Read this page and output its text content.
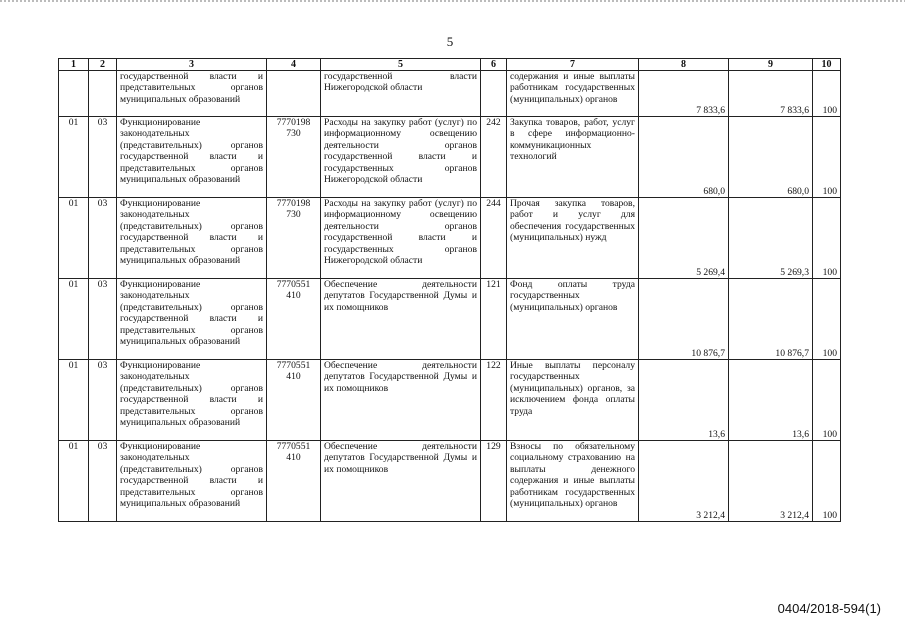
5
1	2	3	4	5	6	7	8	9	10
		государственной власти и представительных органов муниципальных образований		государственной власти Нижегородской области		содержания и иные выплаты работникам государственных (муниципальных) органов	7 833,6	7 833,6	100
01	03	Функционирование законодательных (представительных) органов государственной власти и представительных органов муниципальных образований	7770198 730	Расходы на закупку работ (услуг) по информационному освещению деятельности органов государственной власти и государственных органов Нижегородской области	242	Закупка товаров, работ, услуг в сфере информационно-коммуникационных технологий	680,0	680,0	100
01	03	Функционирование законодательных (представительных) органов государственной власти и представительных органов муниципальных образований	7770198 730	Расходы на закупку работ (услуг) по информационному освещению деятельности органов государственной власти и государственных органов Нижегородской области	244	Прочая закупка товаров, работ и услуг для обеспечения государственных (муниципальных) нужд	5 269,4	5 269,3	100
01	03	Функционирование законодательных (представительных) органов государственной власти и представительных органов муниципальных образований	7770551 410	Обеспечение деятельности депутатов Государственной Думы и их помощников	121	Фонд оплаты труда государственных (муниципальных) органов	10 876,7	10 876,7	100
01	03	Функционирование законодательных (представительных) органов государственной власти и представительных органов муниципальных образований	7770551 410	Обеспечение деятельности депутатов Государственной Думы и их помощников	122	Иные выплаты персоналу государственных (муниципальных) органов, за исключением фонда оплаты труда	13,6	13,6	100
01	03	Функционирование законодательных (представительных) органов государственной власти и представительных органов муниципальных образований	7770551 410	Обеспечение деятельности депутатов Государственной Думы и их помощников	129	Взносы по обязательному социальному страхованию на выплаты денежного содержания и иные выплаты работникам государственных (муниципальных) органов	3 212,4	3 212,4	100
0404/2018-594(1)
